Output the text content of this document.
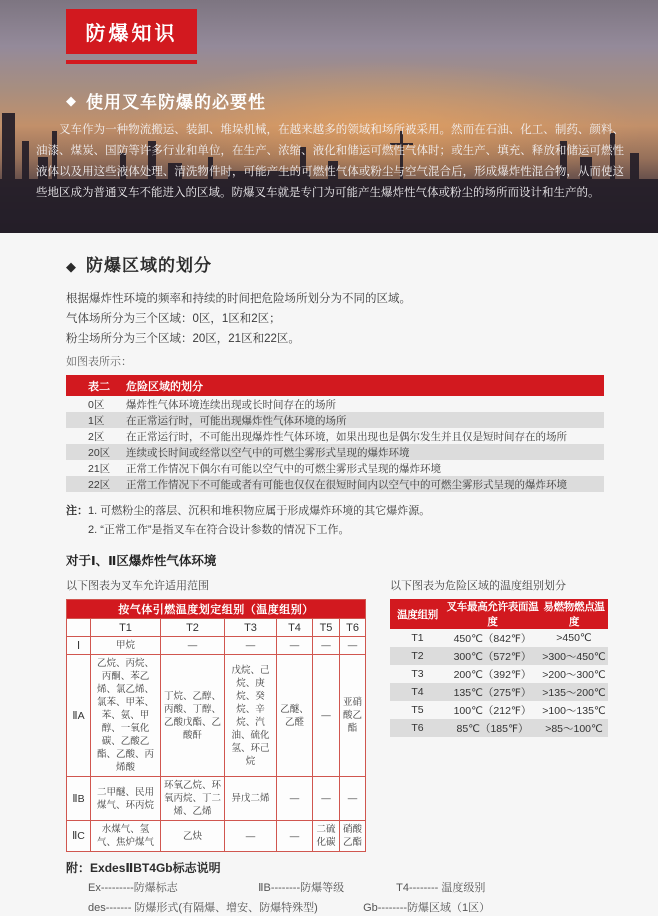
防爆知识
◆ 使用叉车防爆的必要性
叉车作为一种物流搬运、装卸、堆垛机械，在越来越多的领域和场所被采用。然而在石油、化工、制药、颜料、油漆、煤炭、国防等许多行业和单位，在生产、浓缩、液化和储运可燃性气体时；或生产、填充、释放和储运可燃性液体以及用这些液体处理、清洗物件时，可能产生的可燃性气体或粉尘与空气混合后，形成爆炸性混合物，从而使这些地区成为普通叉车不能进入的区域。防爆叉车就是专门为可能产生爆炸性气体或粉尘的场所而设计和生产的。
◆ 防爆区域的划分
根据爆炸性环境的频率和持续的时间把危险场所划分为不同的区域。
气体场所分为三个区域：0区，1区和2区；
粉尘场所分为三个区域：20区，21区和22区。
如图表所示：
表二	危险区域的划分
0区	爆炸性气体环境连续出现或长时间存在的场所
1区	在正常运行时，可能出现爆炸性气体环境的场所
2区	在正常运行时，不可能出现爆炸性气体环境，如果出现也是偶尔发生并且仅是短时间存在的场所
20区	连续或长时间或经常以空气中的可燃尘雾形式呈现的爆炸环境
21区	正常工作情况下偶尔有可能以空气中的可燃尘雾形式呈现的爆炸环境
22区	正常工作情况下不可能或者有可能也仅仅在很短时间内以空气中的可燃尘雾形式呈现的爆炸环境
注： 1. 可燃粉尘的落层、沉积和堆积物应属于形成爆炸环境的其它爆炸源。
2. “正常工作”是指叉车在符合设计参数的情况下工作。
对于Ⅰ、Ⅱ区爆炸性气体环境
以下图表为叉车允许适用范围
按气体引燃温度划定组别（温度组别）						
	T1	T2	T3	T4	T5	T6
Ⅰ	甲烷	—	—	—	—	—
ⅡA	乙烷、丙烷、丙酮、苯乙烯、氯乙烯、氯苯、甲苯、苯、氨、甲醇、一氧化碳、乙酸乙酯、乙酸、丙烯酸	丁烷、乙醇、丙酸、丁醇、乙酸戊酯、乙酸酐	戊烷、己烷、庚烷、癸烷、辛烷、汽油、硫化氢、环己烷	乙醚、乙醛	—	亚硝酸乙酯
ⅡB	二甲醚、民用煤气、环丙烷	环氧乙烷、环氧丙烷、丁二烯、乙烯	异戊二烯	—	—	—
ⅡC	水煤气、氢气、焦炉煤气	乙炔	—	—	二硫化碳	硝酸乙酯
以下图表为危险区域的温度组别划分
温度组别	叉车最高允许表面温度	易燃物燃点温度
T1	450℃（842℉）	>450℃
T2	300℃（572℉）	>300～450℃
T3	200℃（392℉）	>200～300℃
T4	135℃（275℉）	>135～200℃
T5	100℃（212℉）	>100～135℃
T6	85℃（185℉）	>85～100℃
附： ExdesⅡBT4Gb标志说明
Ex---------防爆标志	ⅡB--------防爆等级	T4-------- 温度级别
des------- 防爆形式(有隔爆、增安、防爆特殊型)	Gb--------防爆区域（1区）
